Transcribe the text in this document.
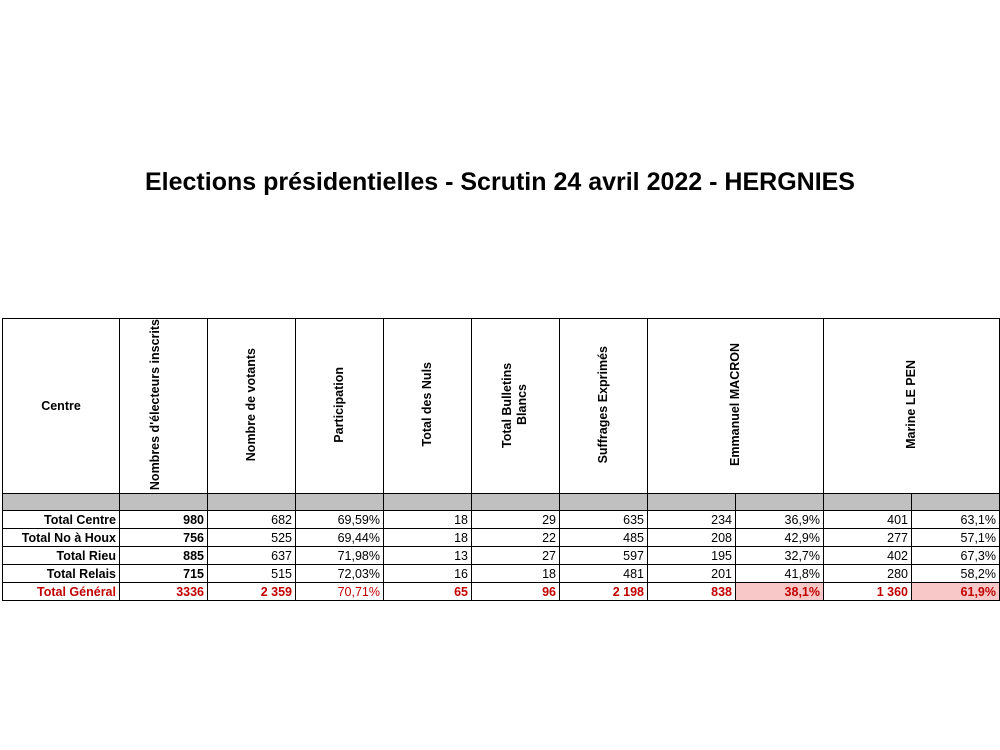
Elections présidentielles - Scrutin 24 avril 2022 - HERGNIES
Centre	Nombres d'électeurs inscrits	Nombre de votants	Participation	Total des Nuls	Total Bulletins Blancs	Suffrages Exprimés	Emmanuel MACRON		Marine LE PEN	

Total Centre	980	682	69,59%	18	29	635	234	36,9%	401	63,1%
Total No à Houx	756	525	69,44%	18	22	485	208	42,9%	277	57,1%
Total Rieu	885	637	71,98%	13	27	597	195	32,7%	402	67,3%
Total Relais	715	515	72,03%	16	18	481	201	41,8%	280	58,2%
Total Général	3336	2 359	70,71%	65	96	2 198	838	38,1%	1 360	61,9%
